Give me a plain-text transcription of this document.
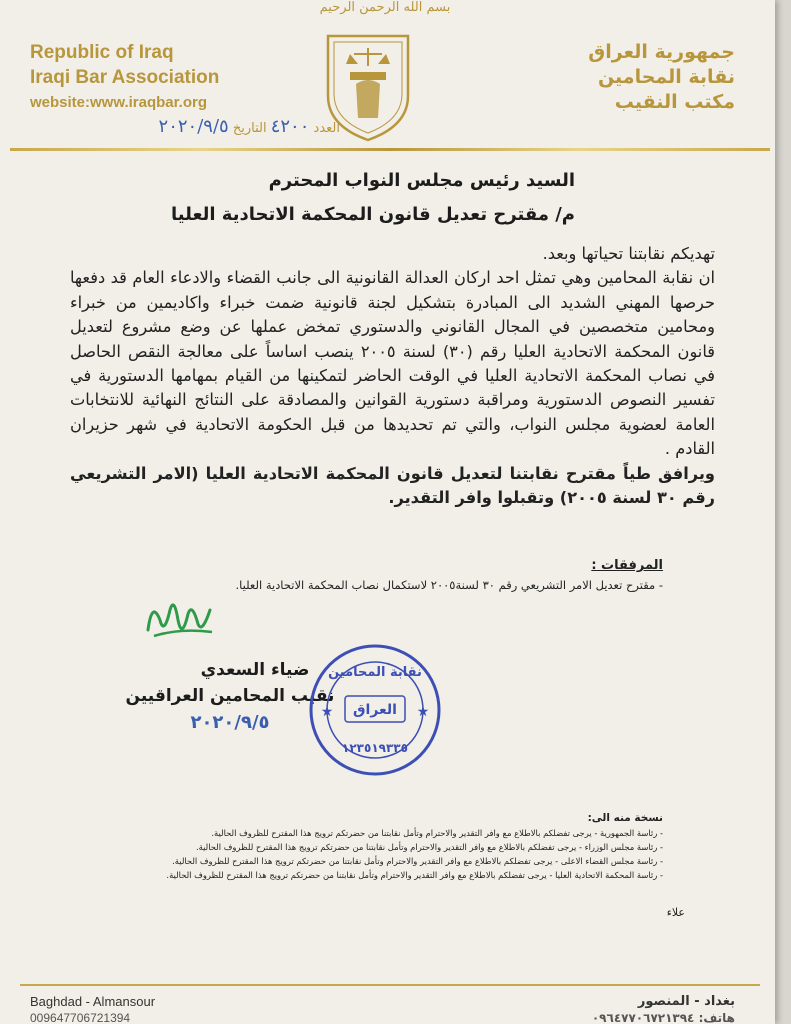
بسم الله الرحمن الرحيم
Republic of Iraq
Iraqi Bar Association
website:www.iraqbar.org
جمهورية العراق
نقابة المحامين
مكتب النقيب
العدد ٤٢٠٠ التاريخ ٢٠٢٠/٩/٥
السيد رئيس مجلس النواب المحترم
م/ مقترح تعديل قانون المحكمة الاتحادية العليا

تهديكم نقابتنا تحياتها وبعد.

ان نقابة المحامين وهي تمثل احد اركان العدالة القانونية الى جانب القضاء والادعاء العام قد دفعها حرصها المهني الشديد الى المبادرة بتشكيل لجنة قانونية ضمت خبراء واكاديمين من خبراء ومحامين متخصصين في المجال القانوني والدستوري تمخض عملها عن وضع مشروع لتعديل قانون المحكمة الاتحادية العليا رقم (٣٠) لسنة ٢٠٠٥ ينصب اساساً على معالجة النقص الحاصل في نصاب المحكمة الاتحادية العليا في الوقت الحاضر لتمكينها من القيام بمهامها الدستورية في تفسير النصوص الدستورية ومراقبة دستورية القوانين والمصادقة على النتائج النهائية للانتخابات العامة لعضوية مجلس النواب، والتي تم تحديدها من قبل الحكومة الاتحادية في شهر حزيران القادم .

ويرافق طياً مقترح نقابتنا لتعديل قانون المحكمة الاتحادية العليا (الامر التشريعي رقم ٣٠ لسنة ٢٠٠٥) وتقبلوا وافر التقدير.

المرفقات :
- مقترح تعديل الامر التشريعي رقم ٣٠ لسنة٢٠٠٥ لاستكمال نصاب المحكمة الاتحادية العليا.
ضياء السعدي
نقيب المحامين العراقيين
٢٠٢٠/٩/٥
نقابة المحامين
العراق
١٢٣٥١٩٣٣٥
★	★
نسخة منه الى:
- رئاسة الجمهورية - يرجى تفضلكم بالاطلاع مع وافر التقدير والاحترام وتأمل نقابتنا من حضرتكم ترويج هذا المقترح للظروف الحالية.
- رئاسة مجلس الوزراء - يرجى تفضلكم بالاطلاع مع وافر التقدير والاحترام وتأمل نقابتنا من حضرتكم ترويج هذا المقترح للظروف الحالية.
- رئاسة مجلس القضاء الاعلى - يرجى تفضلكم بالاطلاع مع وافر التقدير والاحترام وتأمل نقابتنا من حضرتكم ترويج هذا المقترح للظروف الحالية.
- رئاسة المحكمة الاتحادية العليا - يرجى تفضلكم بالاطلاع مع وافر التقدير والاحترام وتأمل نقابتنا من حضرتكم ترويج هذا المقترح للظروف الحالية.
علاء
Baghdad - Almansour
009647706721394
بغداد - المنصور
هاتف: ٠٩٦٤٧٧٠٦٧٢١٣٩٤
